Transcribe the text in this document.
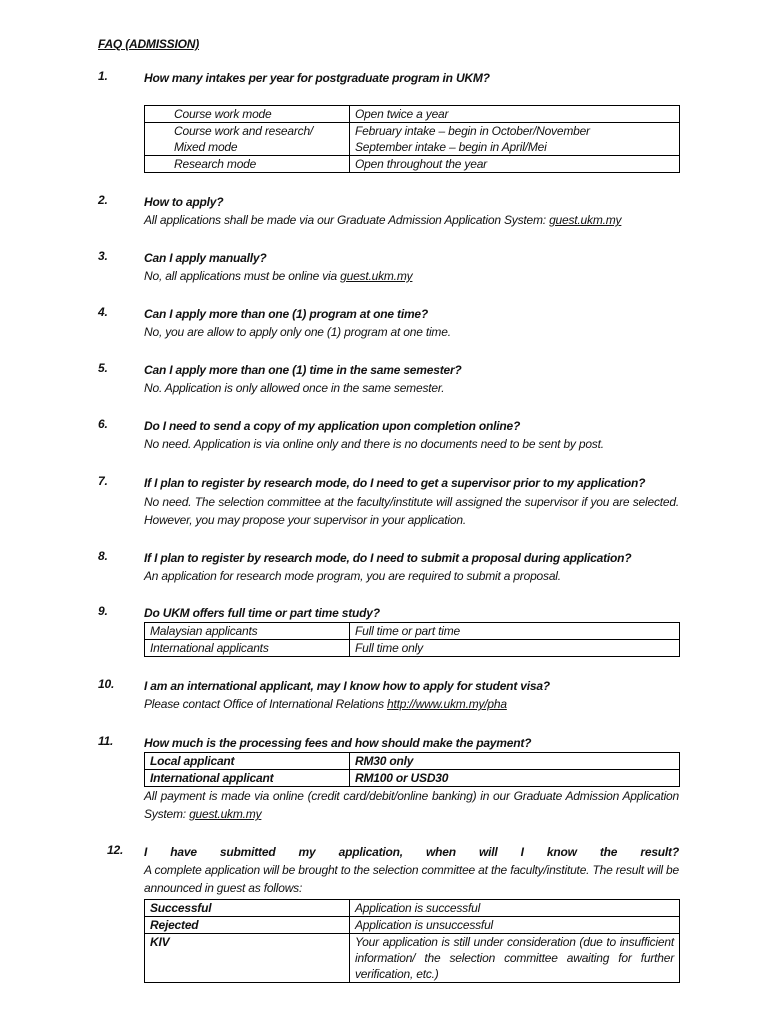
FAQ (ADMISSION)
1.	How many intakes per year for postgraduate program in UKM?
Course work mode	Open twice a year
Course work and research/ Mixed mode	February intake – begin in October/November
September intake – begin in April/Mei
Research mode	Open throughout the year
2.	How to apply?
All applications shall be made via our Graduate Admission Application System: guest.ukm.my
3.	Can I apply manually?
No, all applications must be online via guest.ukm.my
4.	Can I apply more than one (1) program at one time?
No, you are allow to apply only one (1) program at one time.
5.	Can I apply more than one (1) time in the same semester?
No. Application is only allowed once in the same semester.
6.	Do I need to send a copy of my application upon completion online?
No need. Application is via online only and there is no documents need to be sent by post.
7.	If I plan to register by research mode, do I need to get a supervisor prior to my application?
No need. The selection committee at the faculty/institute will assigned the supervisor if you are selected.
However, you may propose your supervisor in your application.
8.	If I plan to register by research mode, do I need to submit a proposal during application?
An application for research mode program, you are required to submit a proposal.
9.	Do UKM offers full time or part time study?
Malaysian applicants	Full time or part time
International applicants	Full time only
10. I am an international applicant, may I know how to apply for student visa?
Please contact Office of International Relations http://www.ukm.my/pha
11.	How much is the processing fees and how should make the payment?
Local applicant	RM30 only
International applicant	RM100 or USD30
All payment is made via online (credit card/debit/online banking) in our Graduate Admission Application System: guest.ukm.my
12. I have submitted my application, when will I know the result?
A complete application will be brought to the selection committee at the faculty/institute. The result will be announced in guest as follows:
Successful	Application is successful
Rejected	Application is unsuccessful
KIV	Your application is still under consideration (due to insufficient information/ the selection committee awaiting for further verification, etc.)
